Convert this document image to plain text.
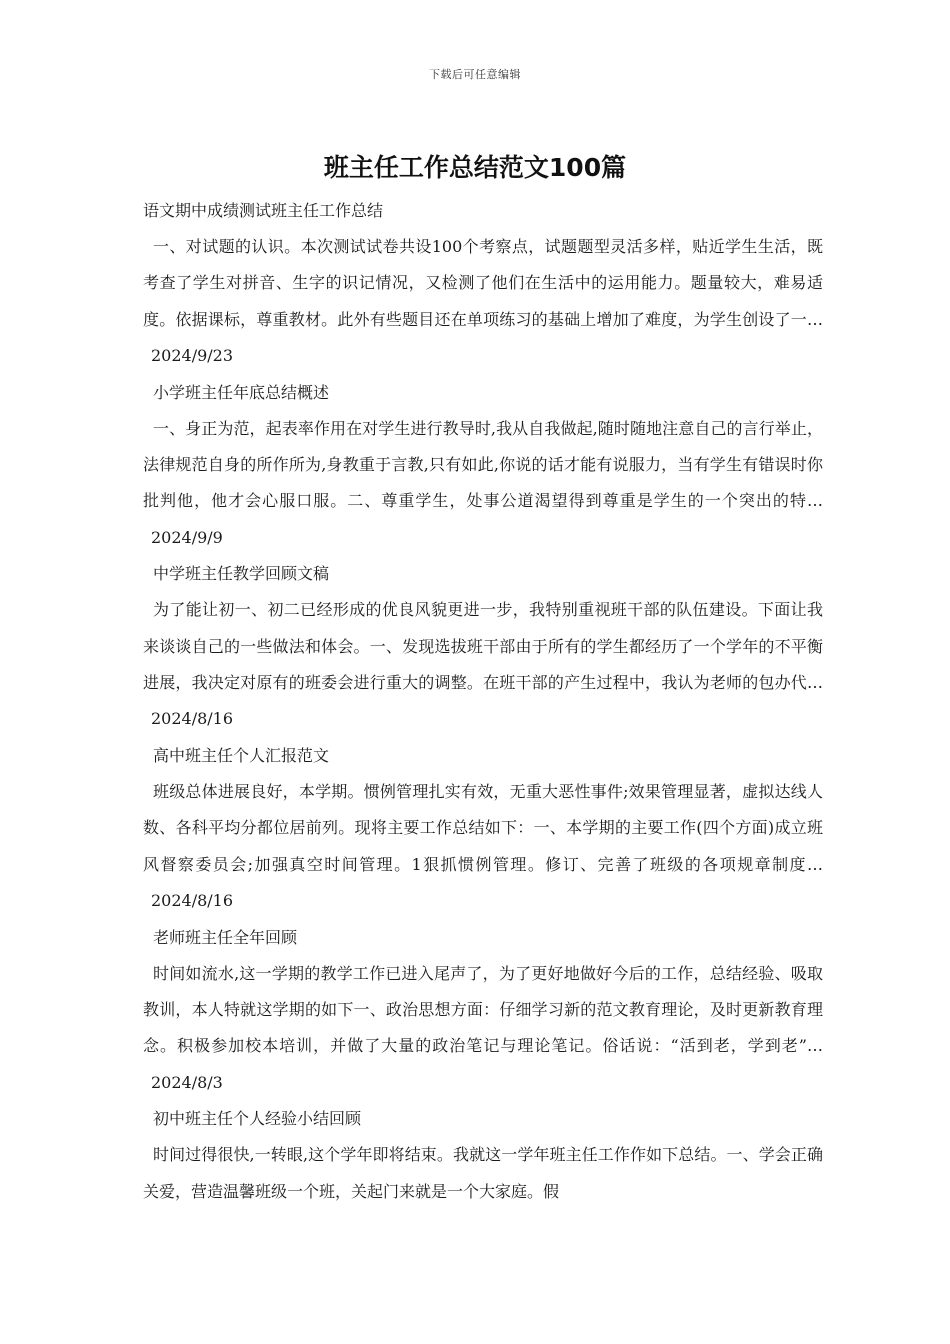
下载后可任意编辑
班主任工作总结范文100篇
语文期中成绩测试班主任工作总结
一、对试题的认识。本次测试试卷共设100个考察点，试题题型灵活多样，贴近学生生活，既考查了学生对拼音、生字的识记情况，又检测了他们在生活中的运用能力。题量较大，难易适度。依据课标，尊重教材。此外有些题目还在单项练习的基础上增加了难度，为学生创设了一…2024/9/23
小学班主任年底总结概述
一、身正为范，起表率作用在对学生进行教导时,我从自我做起,随时随地注意自己的言行举止，法律规范自身的所作所为,身教重于言教,只有如此,你说的话才能有说服力，当有学生有错误时你批判他，他才会心服口服。二、尊重学生，处事公道渴望得到尊重是学生的一个突出的特…2024/9/9
中学班主任教学回顾文稿
为了能让初一、初二已经形成的优良风貌更进一步，我特别重视班干部的队伍建设。下面让我来谈谈自己的一些做法和体会。一、发现选拔班干部由于所有的学生都经历了一个学年的不平衡进展，我决定对原有的班委会进行重大的调整。在班干部的产生过程中，我认为老师的包办代…2024/8/16
高中班主任个人汇报范文
班级总体进展良好，本学期。惯例管理扎实有效，无重大恶性事件;效果管理显著，虚拟达线人数、各科平均分都位居前列。现将主要工作总结如下：一、本学期的主要工作(四个方面)成立班风督察委员会;加强真空时间管理。1狠抓惯例管理。修订、完善了班级的各项规章制度…2024/8/16
老师班主任全年回顾
时间如流水,这一学期的教学工作已进入尾声了，为了更好地做好今后的工作，总结经验、吸取教训，本人特就这学期的如下一、政治思想方面：仔细学习新的范文教育理论，及时更新教育理念。积极参加校本培训，并做了大量的政治笔记与理论笔记。俗话说：“活到老，学到老”…2024/8/3
初中班主任个人经验小结回顾
时间过得很快,一转眼,这个学年即将结束。我就这一学年班主任工作作如下总结。一、学会正确关爱，营造温馨班级一个班，关起门来就是一个大家庭。假
